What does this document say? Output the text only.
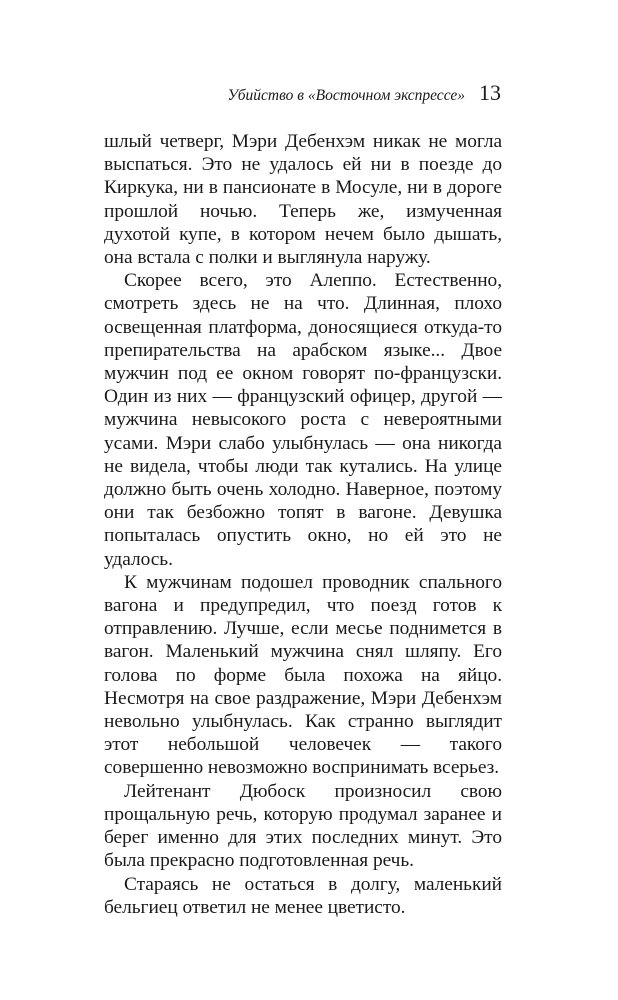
Убийство в «Восточном экспрессе» 13

шлый четверг, Мэри Дебенхэм никак не могла выспаться. Это не удалось ей ни в поезде до Киркука, ни в пансионате в Мосуле, ни в дороге прошлой ночью. Теперь же, измученная духотой купе, в котором нечем было дышать, она встала с полки и выглянула наружу.

Скорее всего, это Алеппо. Естественно, смотреть здесь не на что. Длинная, плохо освещенная платформа, доносящиеся откуда-то препирательства на арабском языке... Двое мужчин под ее окном говорят по-французски. Один из них — французский офицер, другой — мужчина невысокого роста с невероятными усами. Мэри слабо улыбнулась — она никогда не видела, чтобы люди так кутались. На улице должно быть очень холодно. Наверное, поэтому они так безбожно топят в вагоне. Девушка попыталась опустить окно, но ей это не удалось.

К мужчинам подошел проводник спального вагона и предупредил, что поезд готов к отправлению. Лучше, если месье поднимется в вагон. Маленький мужчина снял шляпу. Его голова по форме была похожа на яйцо. Несмотря на свое раздражение, Мэри Дебенхэм невольно улыбнулась. Как странно выглядит этот небольшой человечек — такого совершенно невозможно воспринимать всерьез.

Лейтенант Дюбоск произносил свою прощальную речь, которую продумал заранее и берег именно для этих последних минут. Это была прекрасно подготовленная речь.

Стараясь не остаться в долгу, маленький бельгиец ответил не менее цветисто.
